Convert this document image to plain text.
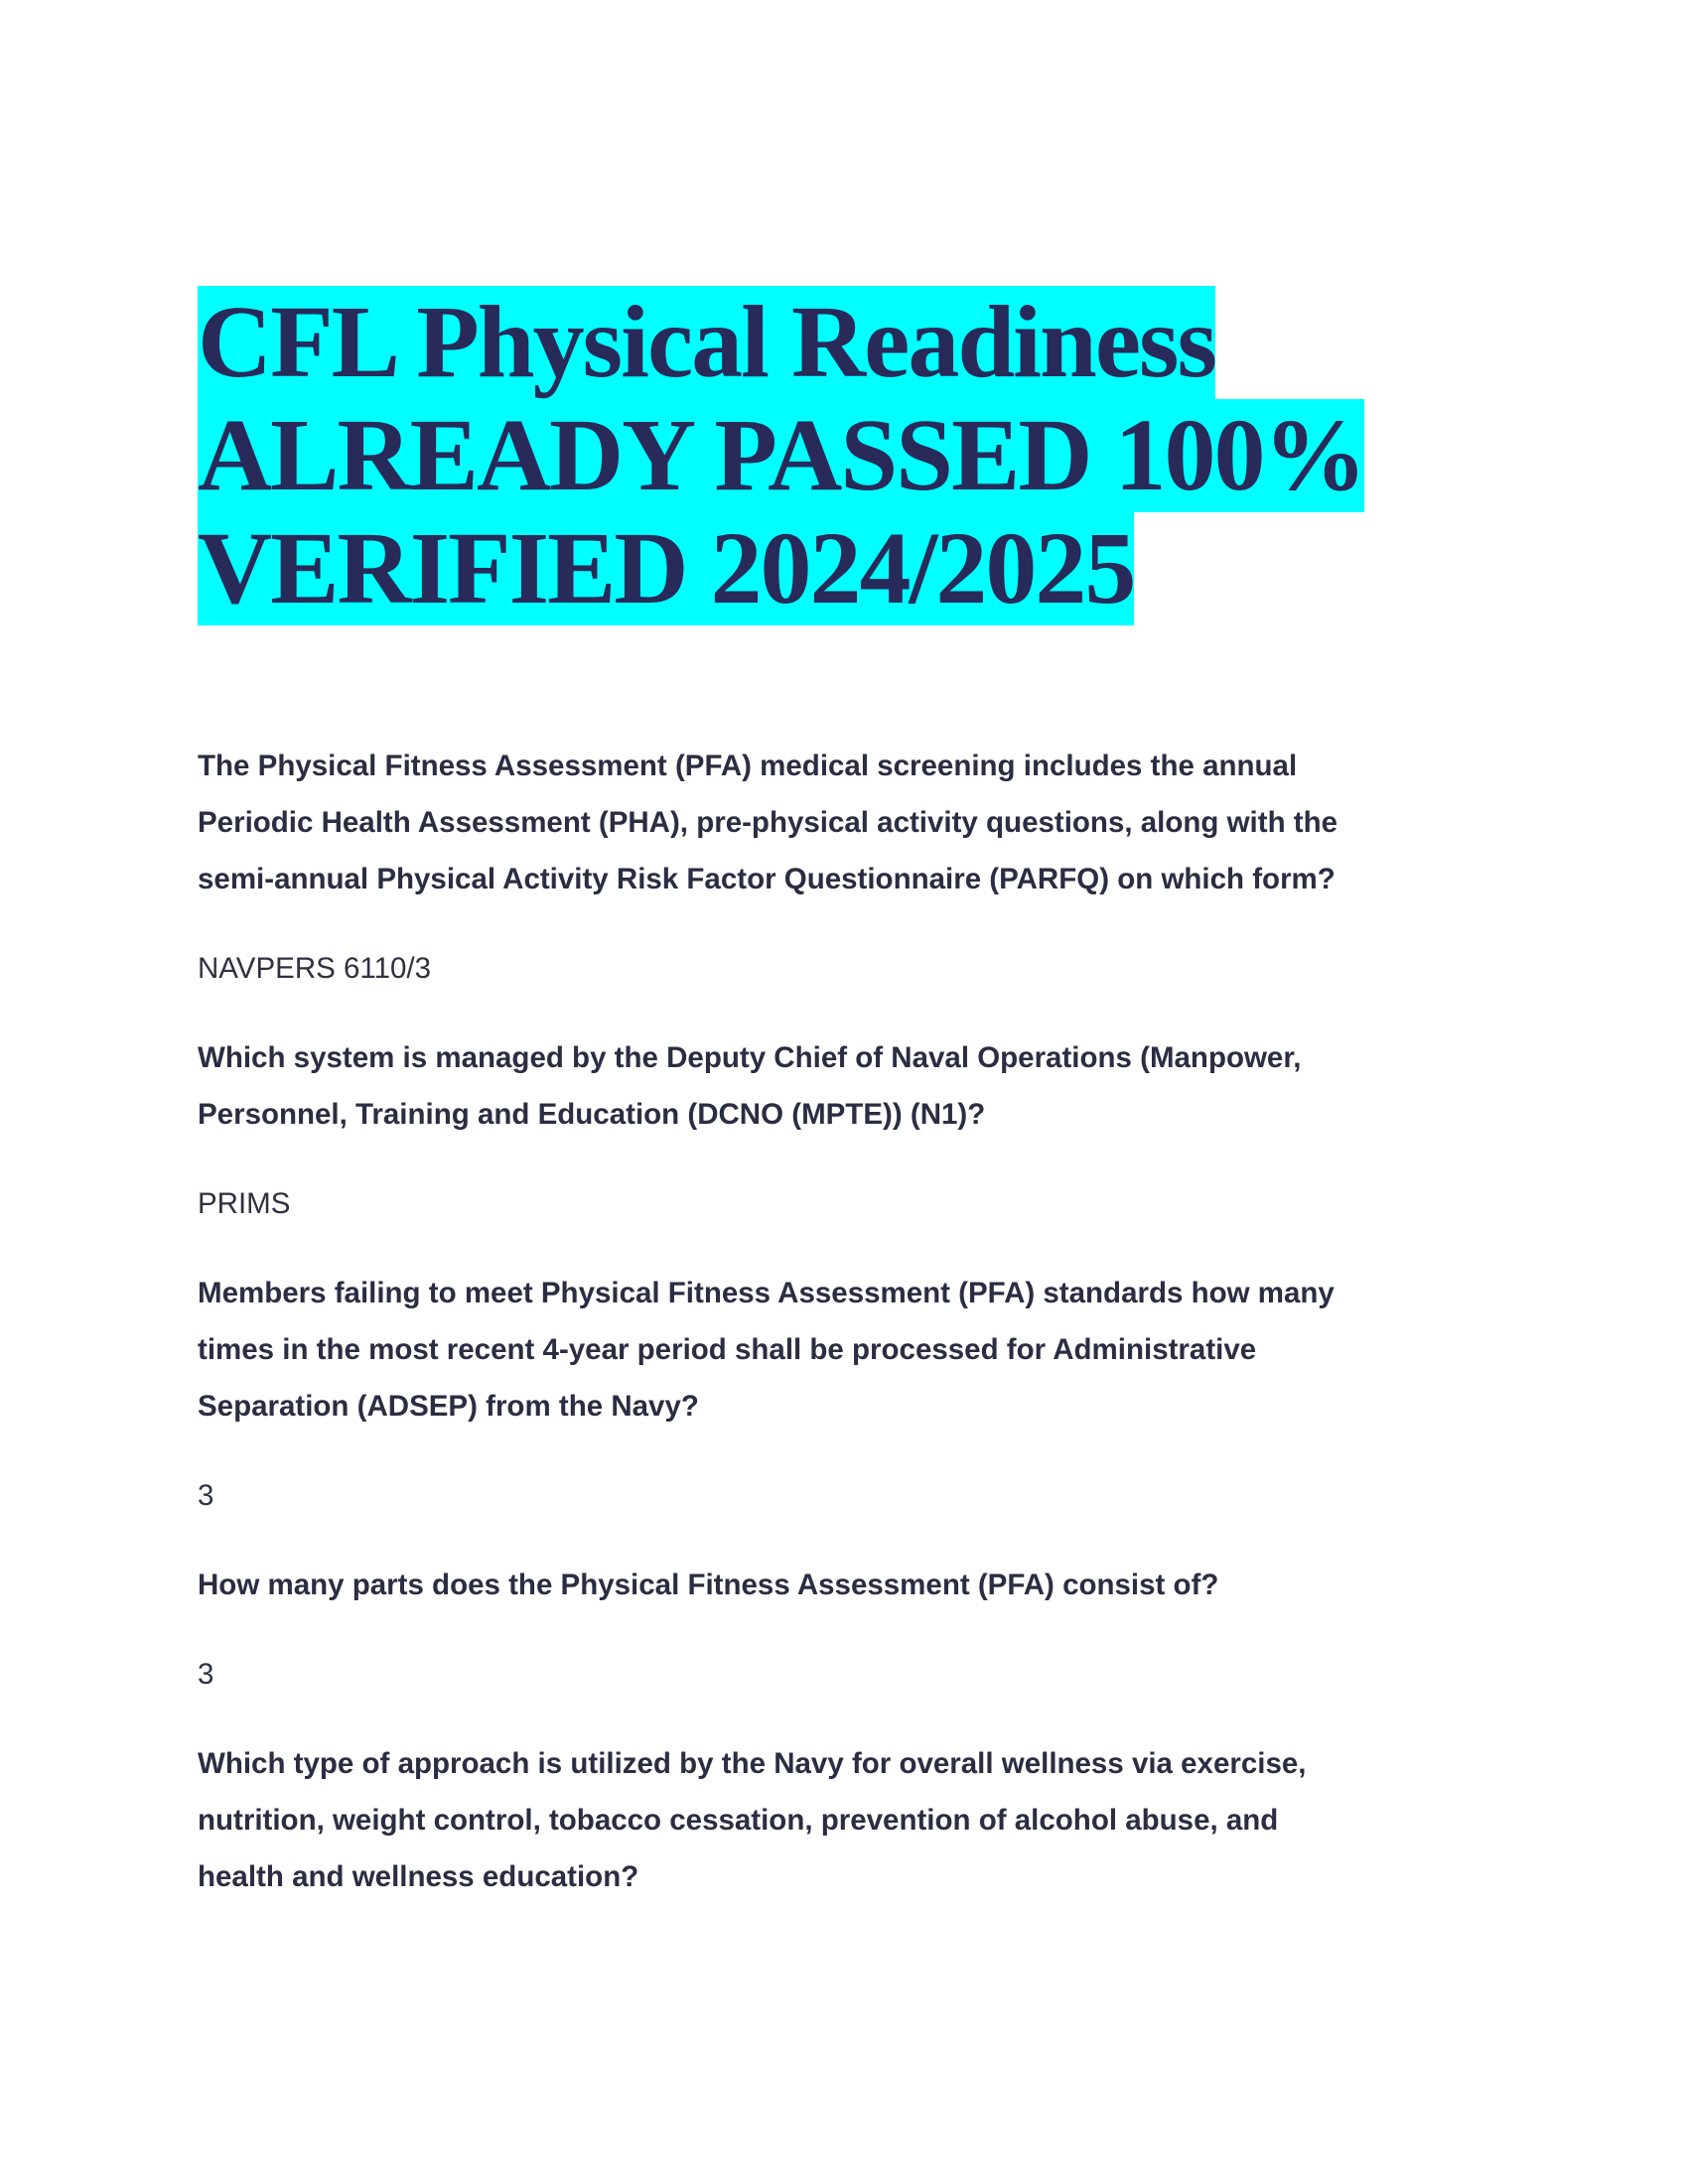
CFL Physical Readiness
ALREADY PASSED 100%
VERIFIED 2024/2025
The Physical Fitness Assessment (PFA) medical screening includes the annual
Periodic Health Assessment (PHA), pre-physical activity questions, along with the
semi-annual Physical Activity Risk Factor Questionnaire (PARFQ) on which form?
NAVPERS 6110/3
Which system is managed by the Deputy Chief of Naval Operations (Manpower,
Personnel, Training and Education (DCNO (MPTE)) (N1)?
PRIMS
Members failing to meet Physical Fitness Assessment (PFA) standards how many
times in the most recent 4-year period shall be processed for Administrative
Separation (ADSEP) from the Navy?
3
How many parts does the Physical Fitness Assessment (PFA) consist of?
3
Which type of approach is utilized by the Navy for overall wellness via exercise,
nutrition, weight control, tobacco cessation, prevention of alcohol abuse, and
health and wellness education?
